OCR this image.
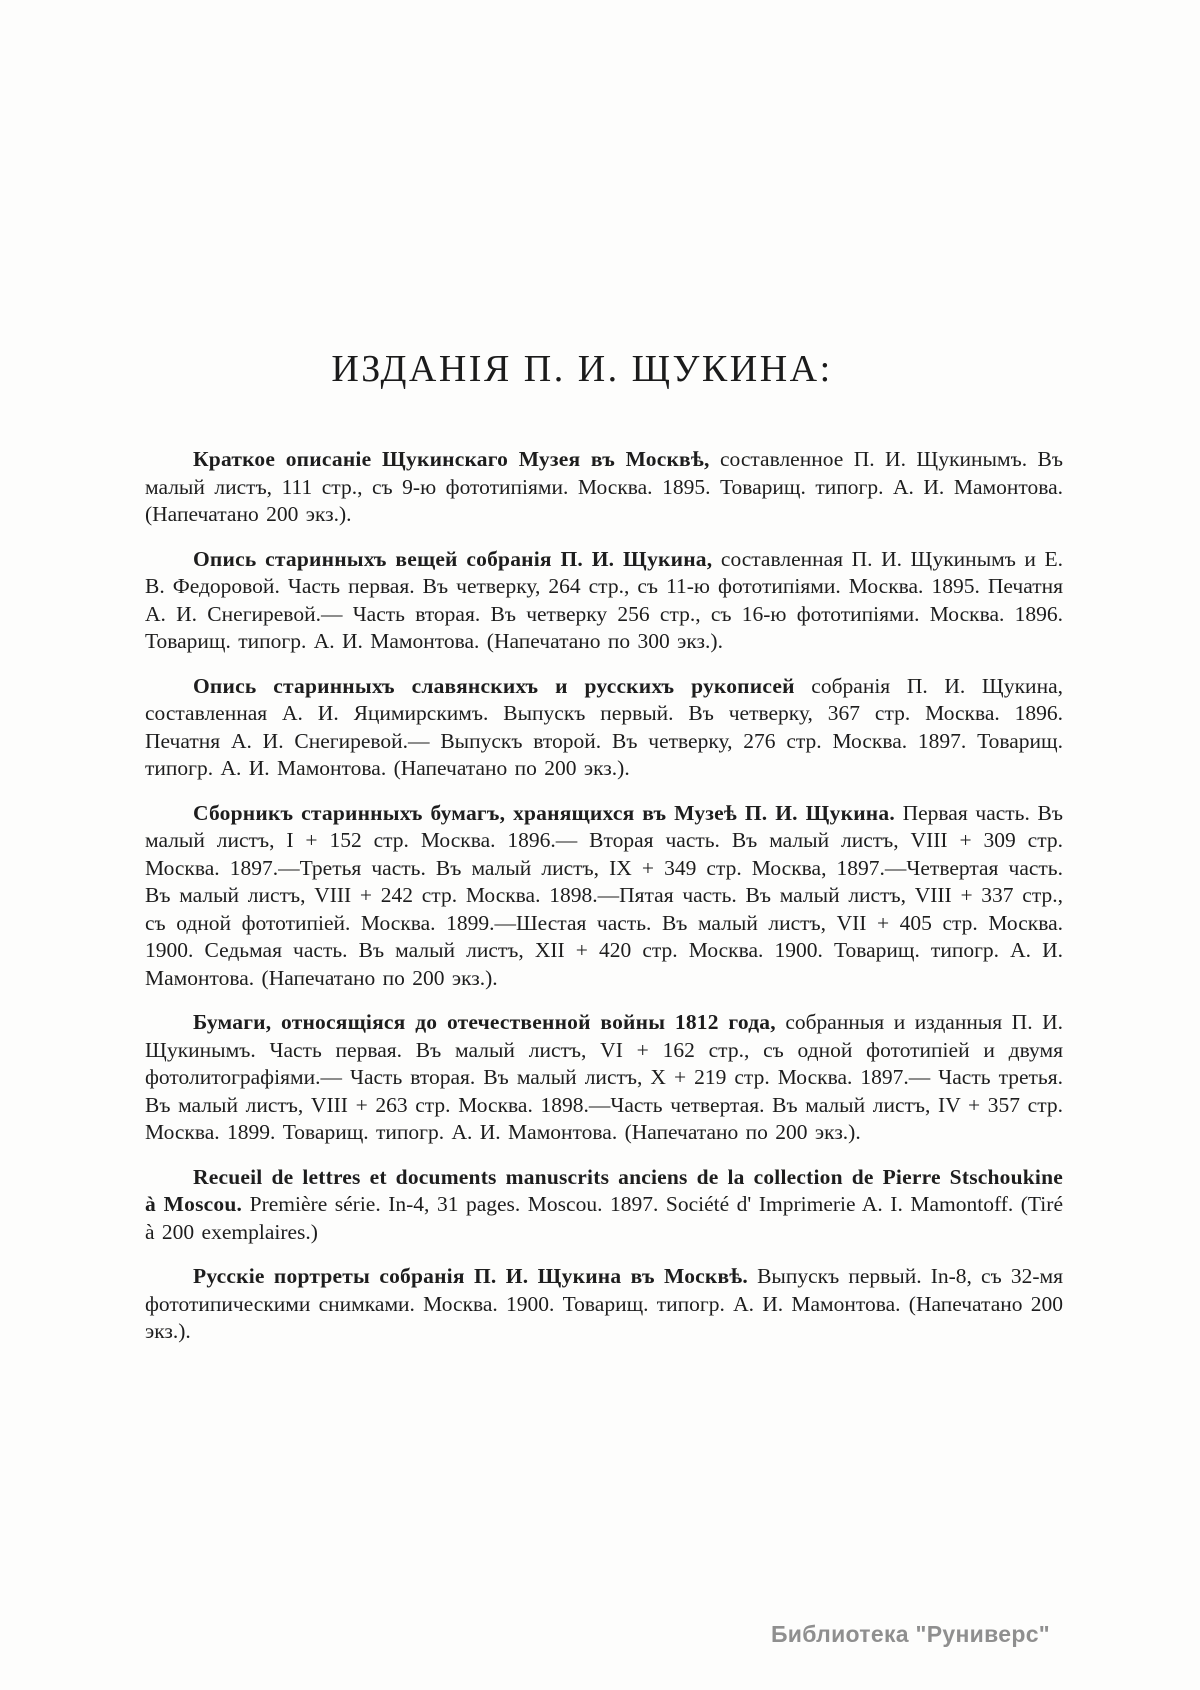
ИЗДАНІЯ П. И. ЩУКИНА:

Краткое описаніе Щукинскаго Музея въ Москвѣ, составленное П. И. Щукинымъ. Въ малый листъ, 111 стр., съ 9-ю фототипіями. Москва. 1895. Товарищ. типогр. А. И. Мамонтова. (Напечатано 200 экз.).

Опись старинныхъ вещей собранія П. И. Щукина, составленная П. И. Щукинымъ и Е. В. Федоровой. Часть первая. Въ четверку, 264 стр., съ 11-ю фототипіями. Москва. 1895. Печатня А. И. Снегиревой.— Часть вторая. Въ четверку 256 стр., съ 16-ю фототипіями. Москва. 1896. Товарищ. типогр. А. И. Мамонтова. (Напечатано по 300 экз.).

Опись старинныхъ славянскихъ и русскихъ рукописей собранія П. И. Щукина, составленная А. И. Яцимирскимъ. Выпускъ первый. Въ четверку, 367 стр. Москва. 1896. Печатня А. И. Снегиревой.— Выпускъ второй. Въ четверку, 276 стр. Москва. 1897. Товарищ. типогр. А. И. Мамонтова. (Напечатано по 200 экз.).

Сборникъ старинныхъ бумагъ, хранящихся въ Музеѣ П. И. Щукина. Первая часть. Въ малый листъ, I + 152 стр. Москва. 1896.— Вторая часть. Въ малый листъ, VIII + 309 стр. Москва. 1897.—Третья часть. Въ малый листъ, IX + 349 стр. Москва, 1897.—Четвертая часть. Въ малый листъ, VIII + 242 стр. Москва. 1898.—Пятая часть. Въ малый листъ, VIII + 337 стр., съ одной фототипіей. Москва. 1899.—Шестая часть. Въ малый листъ, VII + 405 стр. Москва. 1900. Седьмая часть. Въ малый листъ, XII + 420 стр. Москва. 1900. Товарищ. типогр. А. И. Мамонтова. (Напечатано по 200 экз.).

Бумаги, относящіяся до отечественной войны 1812 года, собранныя и изданныя П. И. Щукинымъ. Часть первая. Въ малый листъ, VI + 162 стр., съ одной фототипіей и двумя фотолитографіями.— Часть вторая. Въ малый листъ, X + 219 стр. Москва. 1897.— Часть третья. Въ малый листъ, VIII + 263 стр. Москва. 1898.—Часть четвертая. Въ малый листъ, IV + 357 стр. Москва. 1899. Товарищ. типогр. А. И. Мамонтова. (Напечатано по 200 экз.).

Recueil de lettres et documents manuscrits anciens de la collection de Pierre Stschoukine à Moscou. Première série. In-4, 31 pages. Moscou. 1897. Société d' Imprimerie A. I. Mamontoff. (Tiré à 200 exemplaires.)

Русскіе портреты собранія П. И. Щукина въ Москвѣ. Выпускъ первый. In-8, съ 32-мя фототипическими снимками. Москва. 1900. Товарищ. типогр. А. И. Мамонтова. (Напечатано 200 экз.).

Библиотека "Руниверс"
